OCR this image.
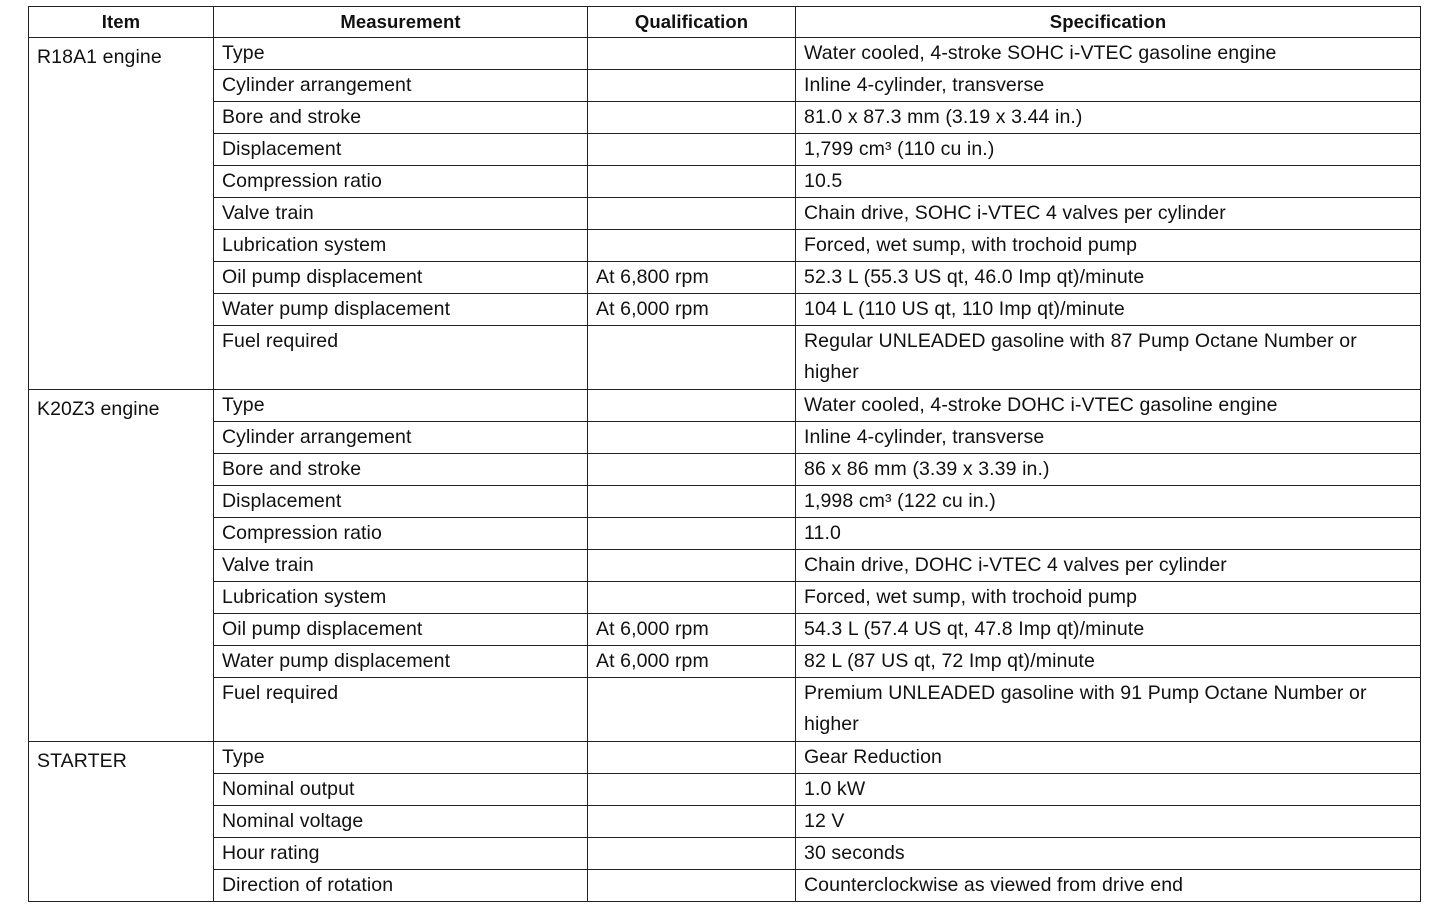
Item	Measurement	Qualification	Specification
R18A1 engine	Type		Water cooled, 4-stroke SOHC i-VTEC gasoline engine
	Cylinder arrangement		Inline 4-cylinder, transverse
	Bore and stroke		81.0 x 87.3 mm (3.19 x 3.44 in.)
	Displacement		1,799 cm³ (110 cu in.)
	Compression ratio		10.5
	Valve train		Chain drive, SOHC i-VTEC 4 valves per cylinder
	Lubrication system		Forced, wet sump, with trochoid pump
	Oil pump displacement	At 6,800 rpm	52.3 L (55.3 US qt, 46.0 Imp qt)/minute
	Water pump displacement	At 6,000 rpm	104 L (110 US qt, 110 Imp qt)/minute
	Fuel required		Regular UNLEADED gasoline with 87 Pump Octane Number or higher
K20Z3 engine	Type		Water cooled, 4-stroke DOHC i-VTEC gasoline engine
	Cylinder arrangement		Inline 4-cylinder, transverse
	Bore and stroke		86 x 86 mm (3.39 x 3.39 in.)
	Displacement		1,998 cm³ (122 cu in.)
	Compression ratio		11.0
	Valve train		Chain drive, DOHC i-VTEC 4 valves per cylinder
	Lubrication system		Forced, wet sump, with trochoid pump
	Oil pump displacement	At 6,000 rpm	54.3 L (57.4 US qt, 47.8 Imp qt)/minute
	Water pump displacement	At 6,000 rpm	82 L (87 US qt, 72 Imp qt)/minute
	Fuel required		Premium UNLEADED gasoline with 91 Pump Octane Number or higher
STARTER	Type		Gear Reduction
	Nominal output		1.0 kW
	Nominal voltage		12 V
	Hour rating		30 seconds
	Direction of rotation		Counterclockwise as viewed from drive end
